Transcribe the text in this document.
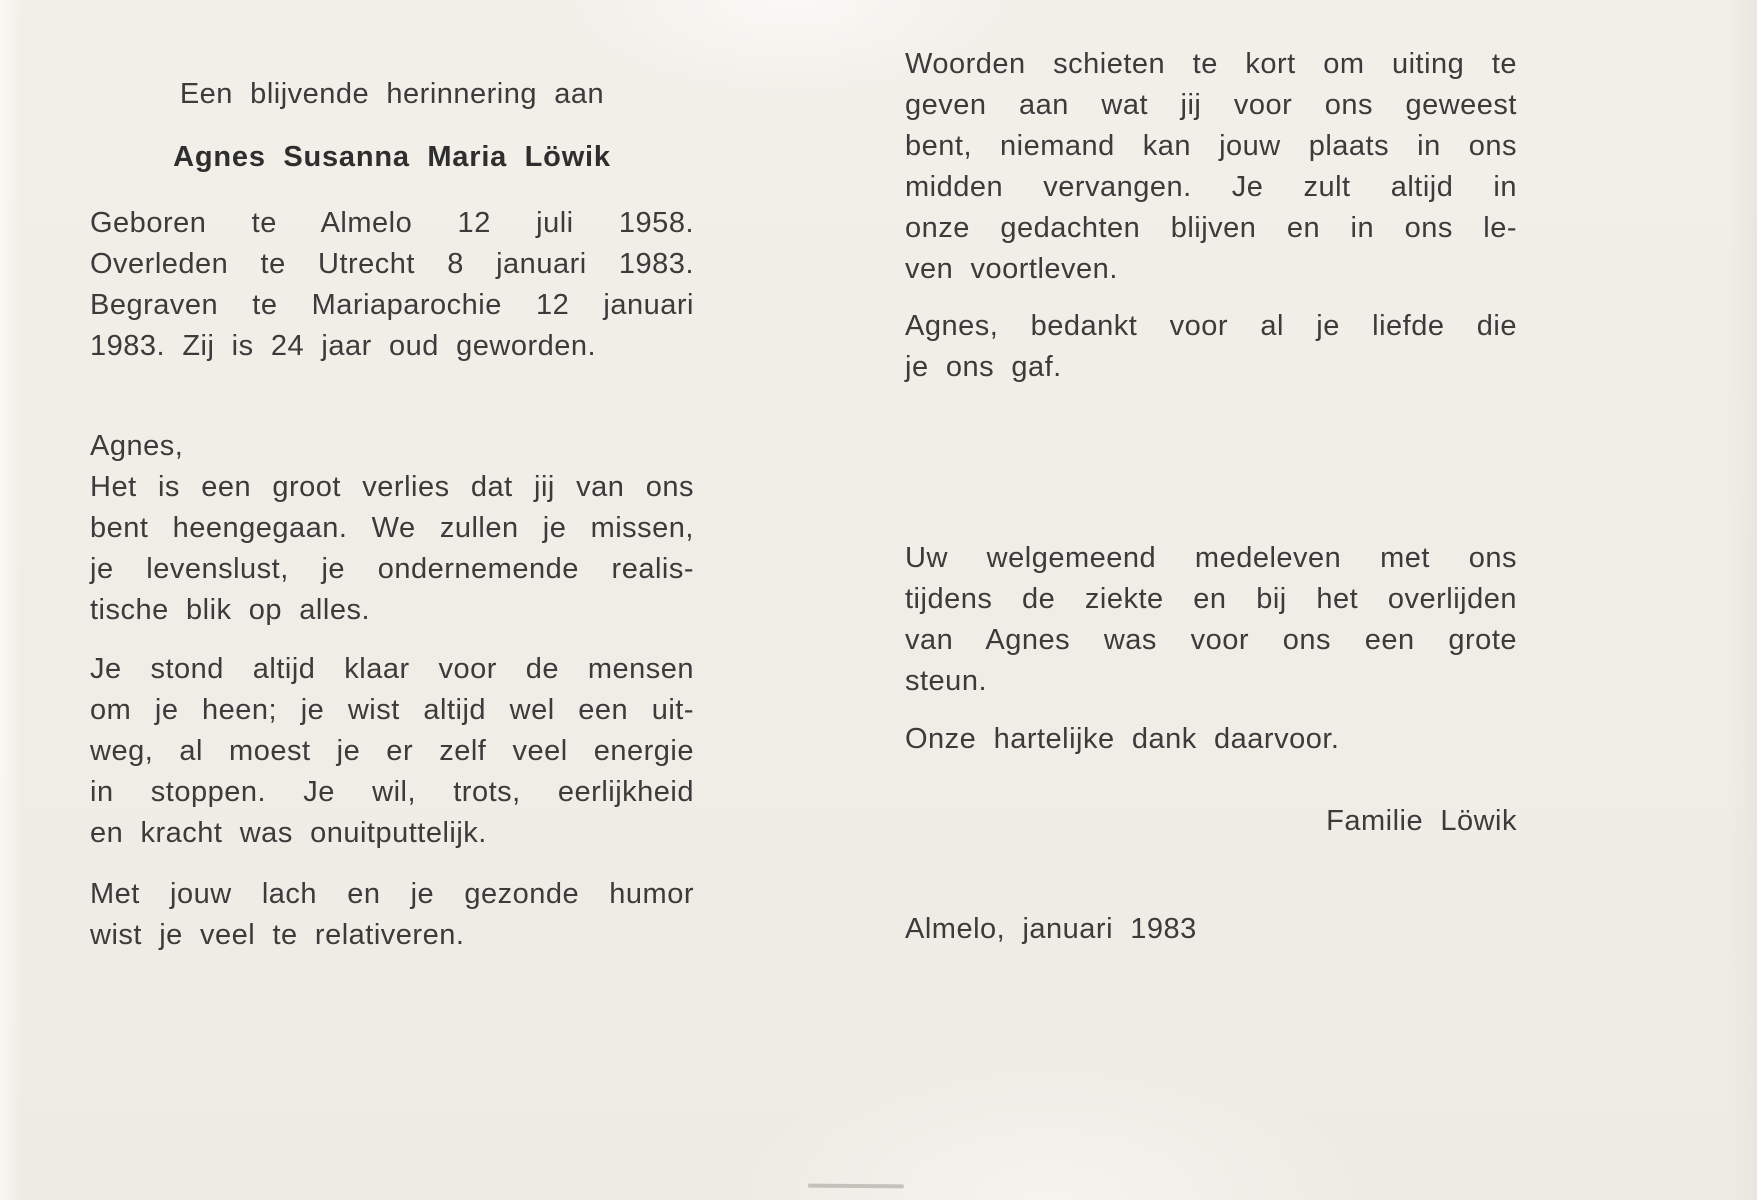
Een blijvende herinnering aan
Agnes Susanna Maria Löwik
Geboren te Almelo 12 juli 1958.
Overleden te Utrecht 8 januari 1983.
Begraven te Mariaparochie 12 januari
1983. Zij is 24 jaar oud geworden.
Agnes,
Het is een groot verlies dat jij van ons
bent heengegaan. We zullen je missen,
je levenslust, je ondernemende realis-
tische blik op alles.
Je stond altijd klaar voor de mensen
om je heen; je wist altijd wel een uit-
weg, al moest je er zelf veel energie
in stoppen. Je wil, trots, eerlijkheid
en kracht was onuitputtelijk.
Met jouw lach en je gezonde humor
wist je veel te relativeren.
Woorden schieten te kort om uiting te
geven aan wat jij voor ons geweest
bent, niemand kan jouw plaats in ons
midden vervangen. Je zult altijd in
onze gedachten blijven en in ons le-
ven voortleven.
Agnes, bedankt voor al je liefde die
je ons gaf.
Uw welgemeend medeleven met ons
tijdens de ziekte en bij het overlijden
van Agnes was voor ons een grote
steun.
Onze hartelijke dank daarvoor.
Familie Löwik
Almelo, januari 1983
